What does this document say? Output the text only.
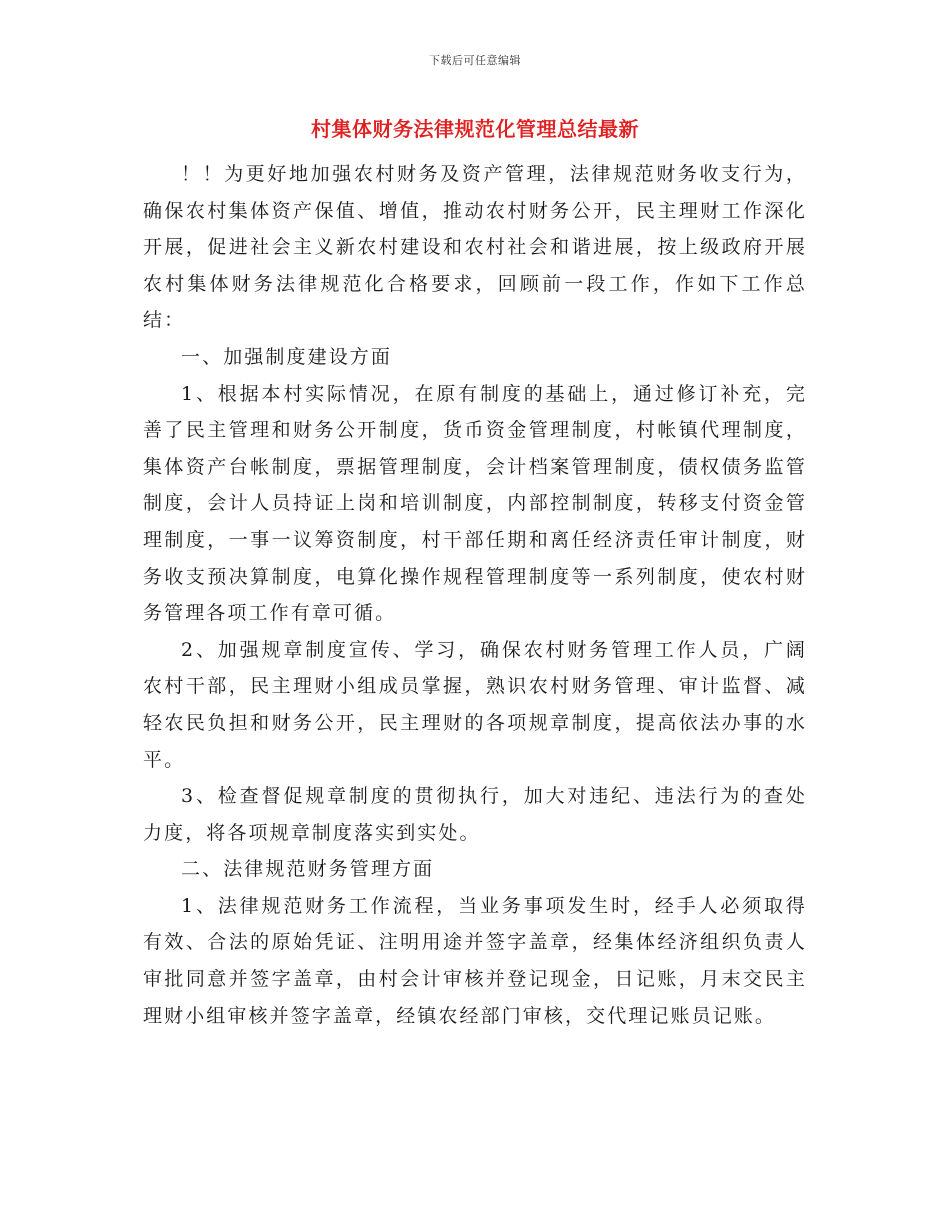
下载后可任意编辑
村集体财务法律规范化管理总结最新

！！为更好地加强农村财务及资产管理，法律规范财务收支行为，确保农村集体资产保值、增值，推动农村财务公开，民主理财工作深化开展，促进社会主义新农村建设和农村社会和谐进展，按上级政府开展农村集体财务法律规范化合格要求，回顾前一段工作，作如下工作总结：

一、加强制度建设方面

1、根据本村实际情况，在原有制度的基础上，通过修订补充，完善了民主管理和财务公开制度，货币资金管理制度，村帐镇代理制度，集体资产台帐制度，票据管理制度，会计档案管理制度，债权债务监管制度，会计人员持证上岗和培训制度，内部控制制度，转移支付资金管理制度，一事一议筹资制度，村干部任期和离任经济责任审计制度，财务收支预决算制度，电算化操作规程管理制度等一系列制度，使农村财务管理各项工作有章可循。

2、加强规章制度宣传、学习，确保农村财务管理工作人员，广阔农村干部，民主理财小组成员掌握，熟识农村财务管理、审计监督、减轻农民负担和财务公开，民主理财的各项规章制度，提高依法办事的水平。

3、检查督促规章制度的贯彻执行，加大对违纪、违法行为的查处力度，将各项规章制度落实到实处。

二、法律规范财务管理方面

1、法律规范财务工作流程，当业务事项发生时，经手人必须取得有效、合法的原始凭证、注明用途并签字盖章，经集体经济组织负责人审批同意并签字盖章，由村会计审核并登记现金，日记账，月末交民主理财小组审核并签字盖章，经镇农经部门审核，交代理记账员记账。
